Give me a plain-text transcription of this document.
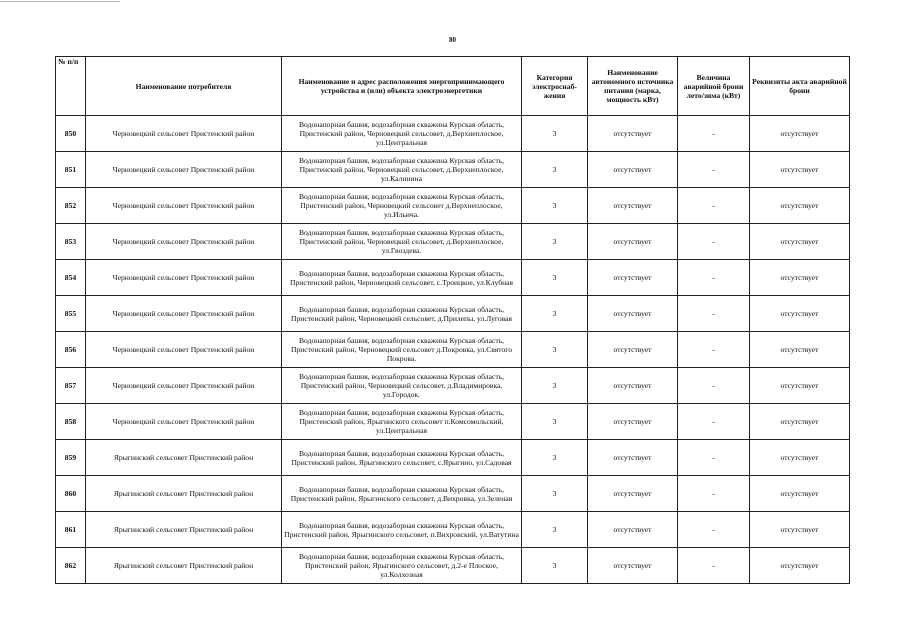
80
№ п/п	Наименование потребителя	Наименование и адрес расположения энергопринимающего устройства и (или) объекта электроэнергетики	Категория электроснаб-жения	Наименование автономного источника питания (марка, мощность кВт)	Величина аварийной брони лето/зима (кВт)	Реквизиты акта аварийной брони
850	Черновецкий сельсовет Пристенский район	Водонапорная башня, водозаборная скважина Курская область, Пристенский район, Черновецкий сельсовет, д.Верхнеплоское, ул.Центральная	3	отсутствует	-	отсутствует
851	Черновецкий сельсовет Пристенский район	Водонапорная башня, водозаборная скважина Курская область, Пристенский район, Черновецкий сельсовет, д.Верхнеплоское, ул.Калинина	3	отсутствует	-	отсутствует
852	Черновецкий сельсовет Пристенский район	Водонапорная башня, водозаборная скважина Курская область, Пристенский район, Черновецкий сельсовет д.Верхнеплоское, ул.Ильича.	3	отсутствует	-	отсутствует
853	Черновецкий сельсовет Пристенский район	Водонапорная башня, водозаборная скважина Курская область, Пристенский район, Черновецкий сельсовет, д.Верхнеплоское, ул.Гвоздева.	3	отсутствует	-	отсутствует
854	Черновецкий сельсовет Пристенский район	Водонапорная башня, водозаборная скважина Курская область, Пристенский район, Черновецкий сельсовет, с.Троицкое, ул.Клубная	3	отсутствует	-	отсутствует
855	Черновецкий сельсовет Пристенский район	Водонапорная башня, водозаборная скважина Курская область, Пристенский район, Черновецкий сельсовет, д.Прилепы, ул.Луговая	3	отсутствует	-	отсутствует
856	Черновецкий сельсовет Пристенский район	Водонапорная башня, водозаборная скважина Курская область, Пристенский район, Черновецкий сельсовет д.Покровка, ул.Святого Покрова.	3	отсутствует	-	отсутствует
857	Черновецкий сельсовет Пристенский район	Водонапорная башня, водозаборная скважина Курская область, Пристенский район, Черновецкий сельсовет, д.Владимировка, ул.Городок.	3	отсутствует	-	отсутствует
858	Черновецкий сельсовет Пристенский район	Водонапорная башня, водозаборная скважина Курская область, Пристенский район, Ярыгинского сельсовет п.Комсомольский, ул.Центральная	3	отсутствует	-	отсутствует
859	Ярыгинский сельсовет Пристенский район	Водонапорная башня, водозаборная скважина Курская область, Пристенский район, Ярыгинского сельсовет, с.Ярыгино, ул.Садовая	3	отсутствует	-	отсутствует
860	Ярыгинский сельсовет Пристенский район	Водонапорная башня, водозаборная скважина Курская область, Пристенский район, Ярыгинского сельсовет, д.Вихровка, ул.Зеленая	3	отсутствует	-	отсутствует
861	Ярыгинский сельсовет Пристенский район	Водонапорная башня, водозаборная скважина Курская область, Пристенский район, Ярыгинского сельсовет, п.Вихровский, ул.Ватутина	3	отсутствует	-	отсутствует
862	Ярыгинский сельсовет Пристенский район	Водонапорная башня, водозаборная скважина Курская область, Пристенский район, Ярыгинского сельсовет, д.2-е Плоское, ул.Колхозная	3	отсутствует	-	отсутствует
